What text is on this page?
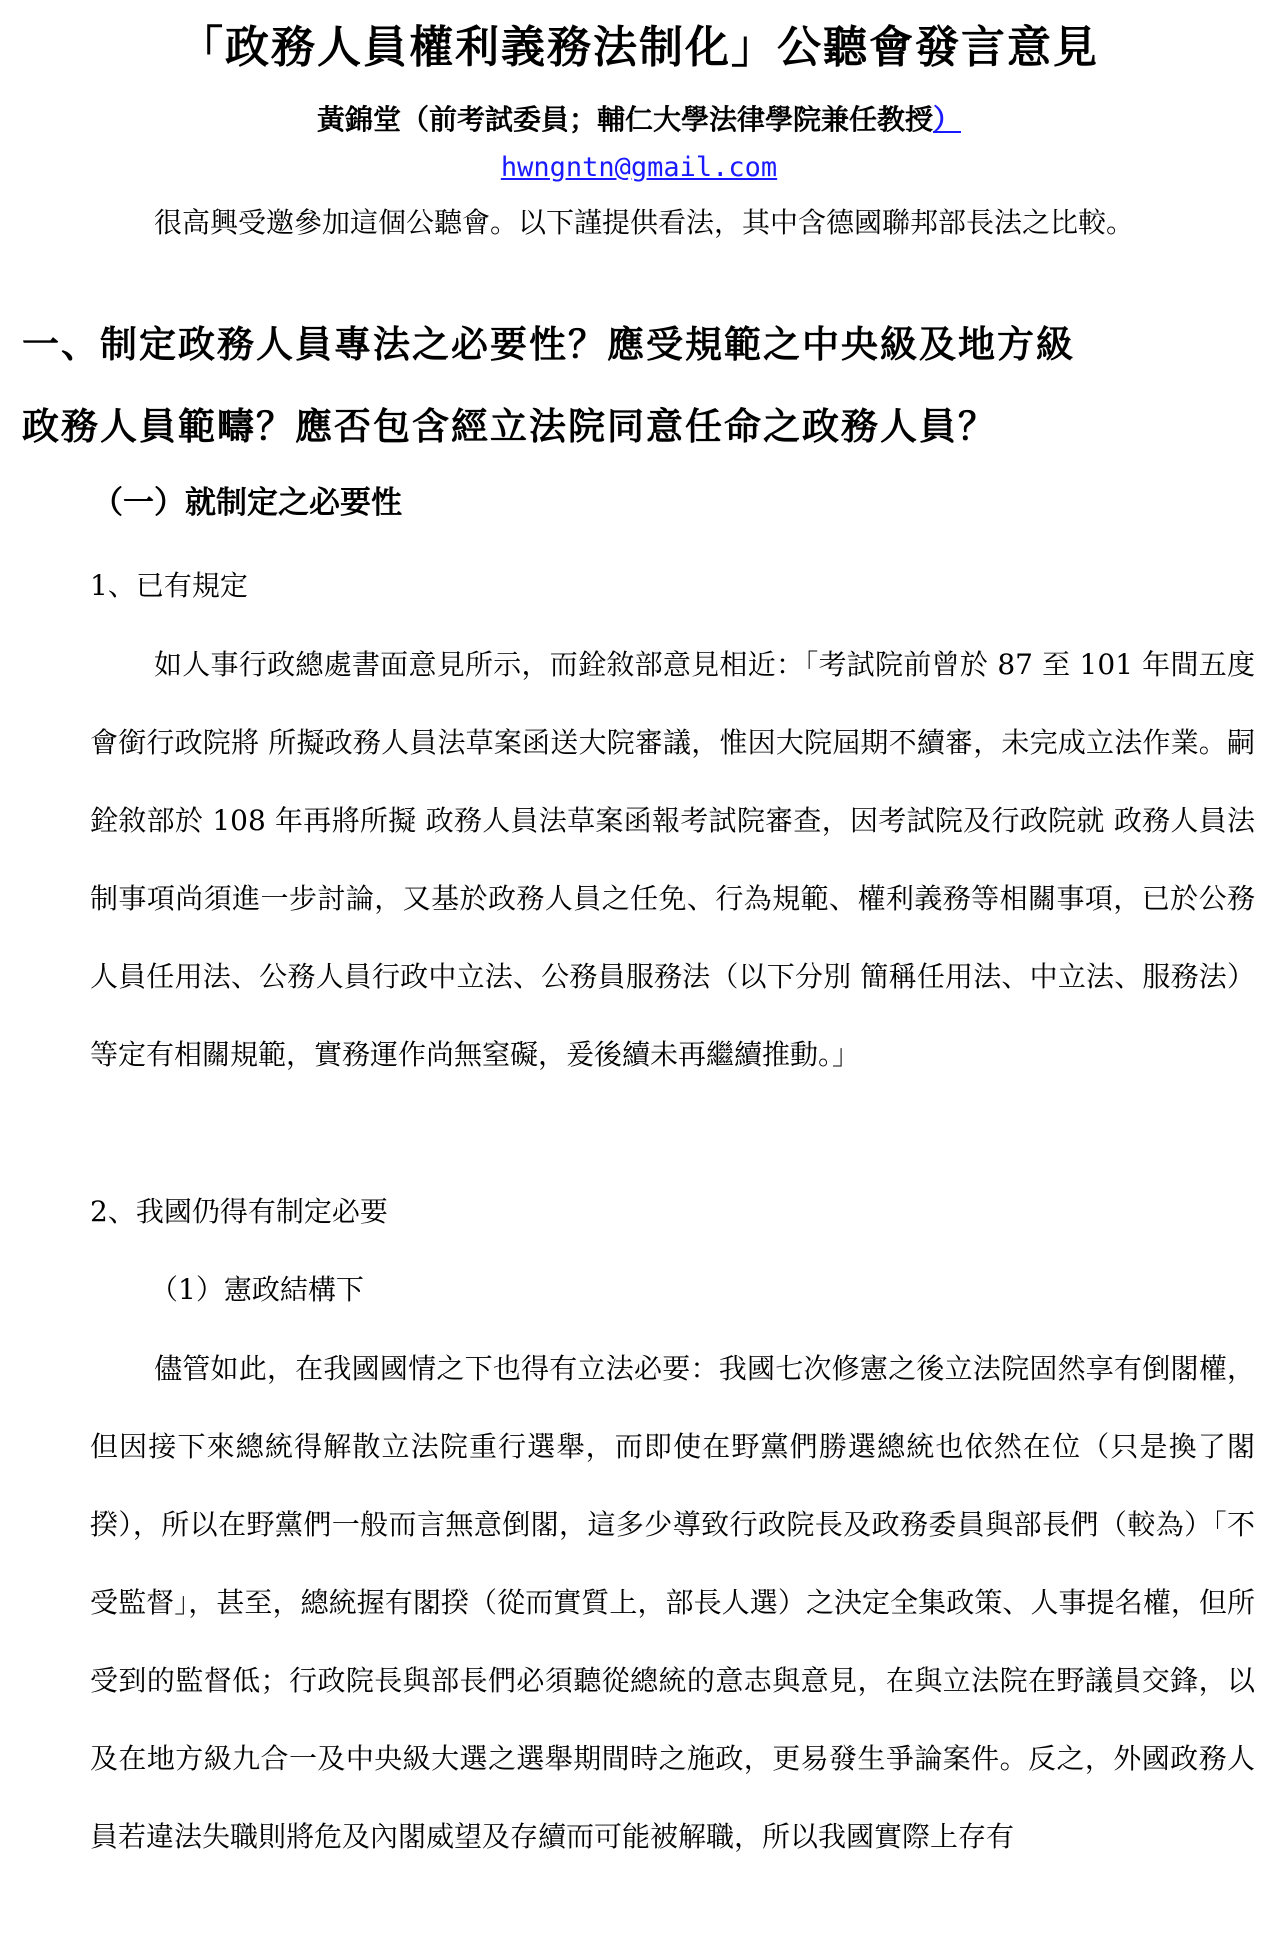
「政務人員權利義務法制化」公聽會發言意見
黃錦堂（前考試委員；輔仁大學法律學院兼任教授）
hwngntn@gmail.com

很高興受邀參加這個公聽會。以下謹提供看法，其中含德國聯邦部長法之比較。

一、制定政務人員專法之必要性？應受規範之中央級及地方級
政務人員範疇？應否包含經立法院同意任命之政務人員？
（一）就制定之必要性
1、已有規定

如人事行政總處書面意見所示，而銓敘部意見相近：「考試院前曾於 87 至 101 年間五度會銜行政院將 所擬政務人員法草案函送大院審議，惟因大院屆期不續審，未完成立法作業。嗣銓敘部於 108 年再將所擬 政務人員法草案函報考試院審查，因考試院及行政院就 政務人員法制事項尚須進一步討論，又基於政務人員之任免、行為規範、權利義務等相關事項，已於公務人員任用法、公務人員行政中立法、公務員服務法（以下分別 簡稱任用法、中立法、服務法）等定有相關規範，實務運作尚無窒礙，爰後續未再繼續推動。」

2、我國仍得有制定必要
（1）憲政結構下

儘管如此，在我國國情之下也得有立法必要：我國七次修憲之後立法院固然享有倒閣權，但因接下來總統得解散立法院重行選舉，而即使在野黨們勝選總統也依然在位（只是換了閣揆），所以在野黨們一般而言無意倒閣，這多少導致行政院長及政務委員與部長們（較為）「不受監督」，甚至，總統握有閣揆（從而實質上，部長人選）之決定全集政策、人事提名權，但所受到的監督低；行政院長與部長們必須聽從總統的意志與意見，在與立法院在野議員交鋒，以及在地方級九合一及中央級大選之選舉期間時之施政，更易發生爭論案件。反之，外國政務人員若違法失職則將危及內閣威望及存續而可能被解職，所以我國實際上存有
